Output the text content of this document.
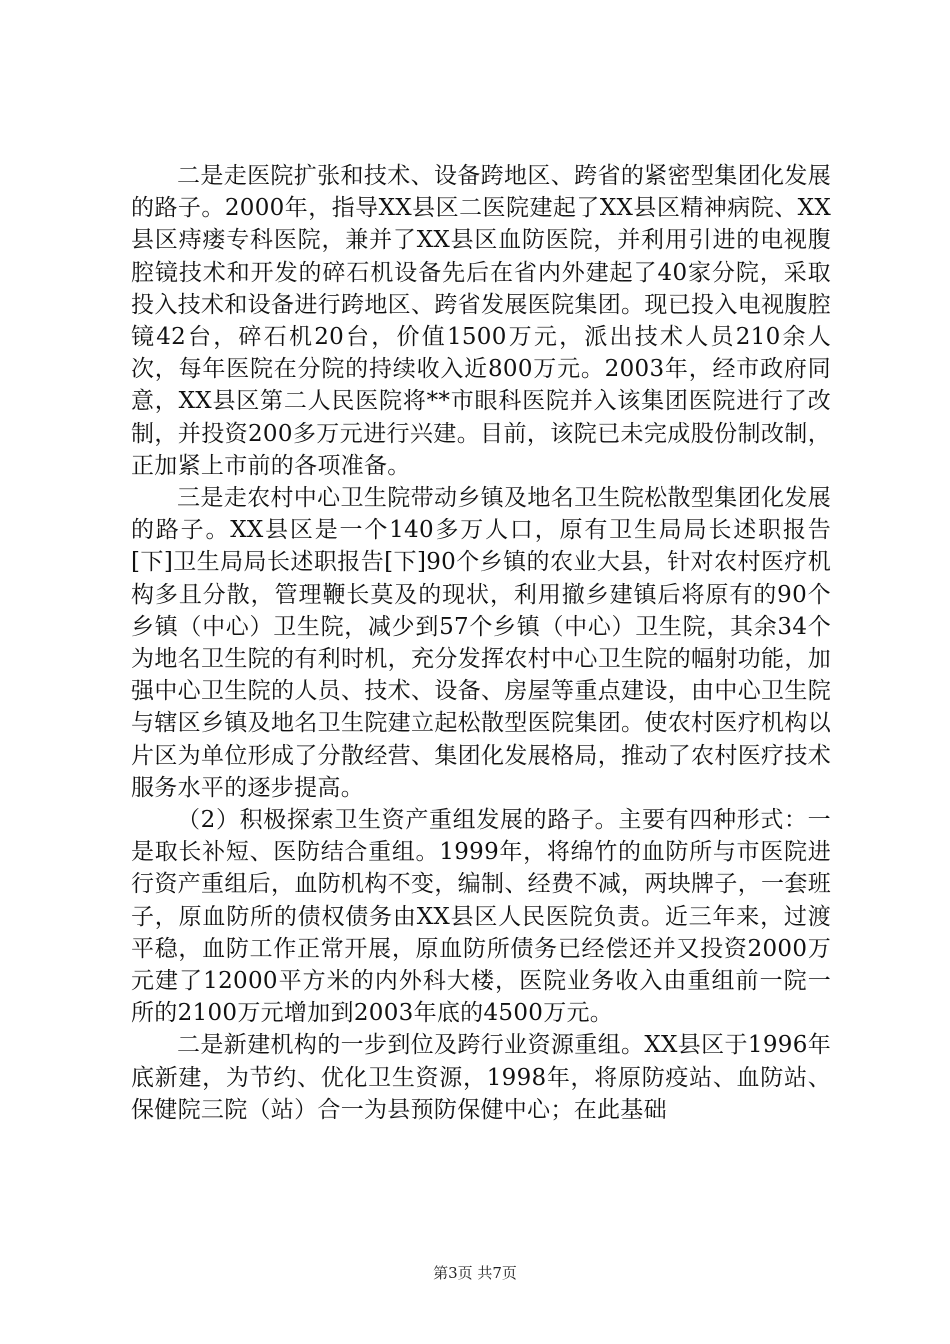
二是走医院扩张和技术、设备跨地区、跨省的紧密型集团化发展的路子。2000年，指导XX县区二医院建起了XX县区精神病院、XX县区痔瘘专科医院，兼并了XX县区血防医院，并利用引进的电视腹腔镜技术和开发的碎石机设备先后在省内外建起了40家分院，采取投入技术和设备进行跨地区、跨省发展医院集团。现已投入电视腹腔镜42台，碎石机20台，价值1500万元，派出技术人员210余人次，每年医院在分院的持续收入近800万元。2003年，经市政府同意，XX县区第二人民医院将**市眼科医院并入该集团医院进行了改制，并投资200多万元进行兴建。目前，该院已未完成股份制改制，正加紧上市前的各项准备。

三是走农村中心卫生院带动乡镇及地名卫生院松散型集团化发展的路子。XX县区是一个140多万人口，原有卫生局局长述职报告[下]卫生局局长述职报告[下]90个乡镇的农业大县，针对农村医疗机构多且分散，管理鞭长莫及的现状，利用撤乡建镇后将原有的90个乡镇（中心）卫生院，减少到57个乡镇（中心）卫生院，其余34个为地名卫生院的有利时机，充分发挥农村中心卫生院的幅射功能，加强中心卫生院的人员、技术、设备、房屋等重点建设，由中心卫生院与辖区乡镇及地名卫生院建立起松散型医院集团。使农村医疗机构以片区为单位形成了分散经营、集团化发展格局，推动了农村医疗技术服务水平的逐步提高。

（2）积极探索卫生资产重组发展的路子。主要有四种形式：一是取长补短、医防结合重组。1999年，将绵竹的血防所与市医院进行资产重组后，血防机构不变，编制、经费不减，两块牌子，一套班子，原血防所的债权债务由XX县区人民医院负责。近三年来，过渡平稳，血防工作正常开展，原血防所债务已经偿还并又投资2000万元建了12000平方米的内外科大楼，医院业务收入由重组前一院一所的2100万元增加到2003年底的4500万元。

二是新建机构的一步到位及跨行业资源重组。XX县区于1996年底新建，为节约、优化卫生资源，1998年，将原防疫站、血防站、保健院三院（站）合一为县预防保健中心；在此基础

第3页 共7页
